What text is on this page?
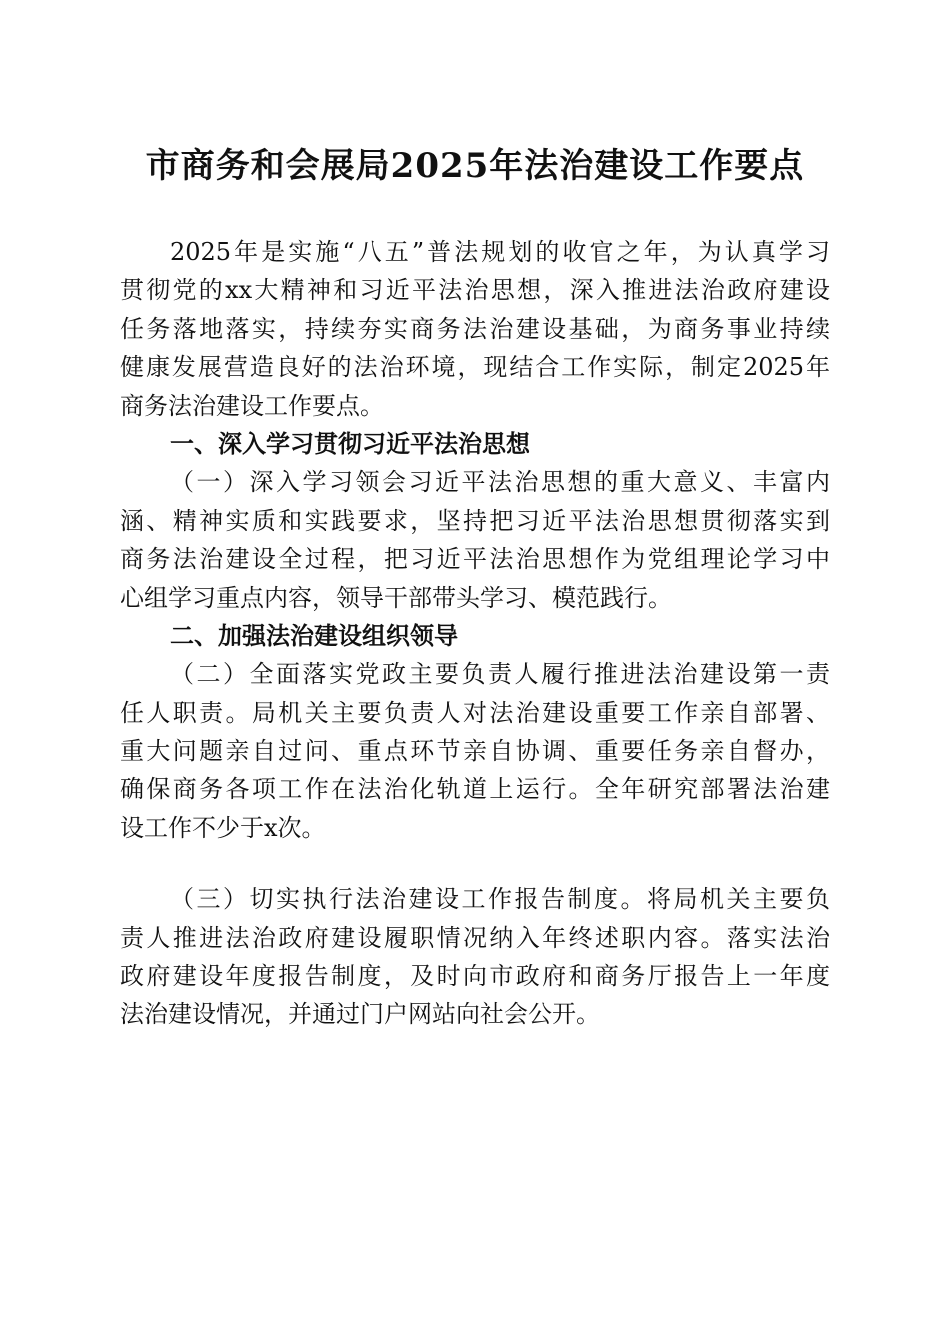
市商务和会展局2025年法治建设工作要点
2025年是实施“八五”普法规划的收官之年，为认真学习
贯彻党的xx大精神和习近平法治思想，深入推进法治政府建设
任务落地落实，持续夯实商务法治建设基础，为商务事业持续
健康发展营造良好的法治环境，现结合工作实际，制定2025年
商务法治建设工作要点。
一、深入学习贯彻习近平法治思想
（一）深入学习领会习近平法治思想的重大意义、丰富内
涵、精神实质和实践要求，坚持把习近平法治思想贯彻落实到
商务法治建设全过程，把习近平法治思想作为党组理论学习中
心组学习重点内容，领导干部带头学习、模范践行。
二、加强法治建设组织领导
（二）全面落实党政主要负责人履行推进法治建设第一责
任人职责。局机关主要负责人对法治建设重要工作亲自部署、
重大问题亲自过问、重点环节亲自协调、重要任务亲自督办，
确保商务各项工作在法治化轨道上运行。全年研究部署法治建
设工作不少于x次。
（三）切实执行法治建设工作报告制度。将局机关主要负
责人推进法治政府建设履职情况纳入年终述职内容。落实法治
政府建设年度报告制度，及时向市政府和商务厅报告上一年度
法治建设情况，并通过门户网站向社会公开。
